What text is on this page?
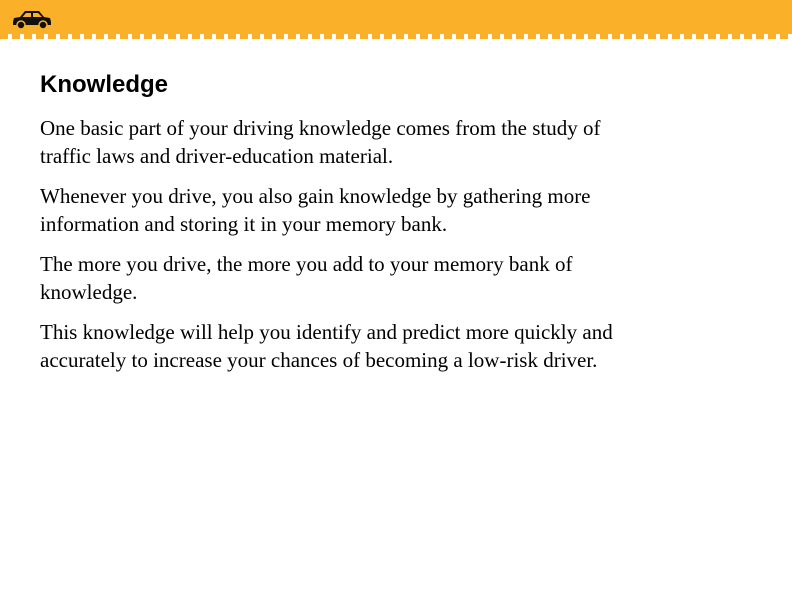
Knowledge

One basic part of your driving knowledge comes from the study of traffic laws and driver-education material.

Whenever you drive, you also gain knowledge by gathering more information and storing it in your memory bank.

The more you drive, the more you add to your memory bank of knowledge.

This knowledge will help you identify and predict more quickly and accurately to increase your chances of becoming a low-risk driver.
